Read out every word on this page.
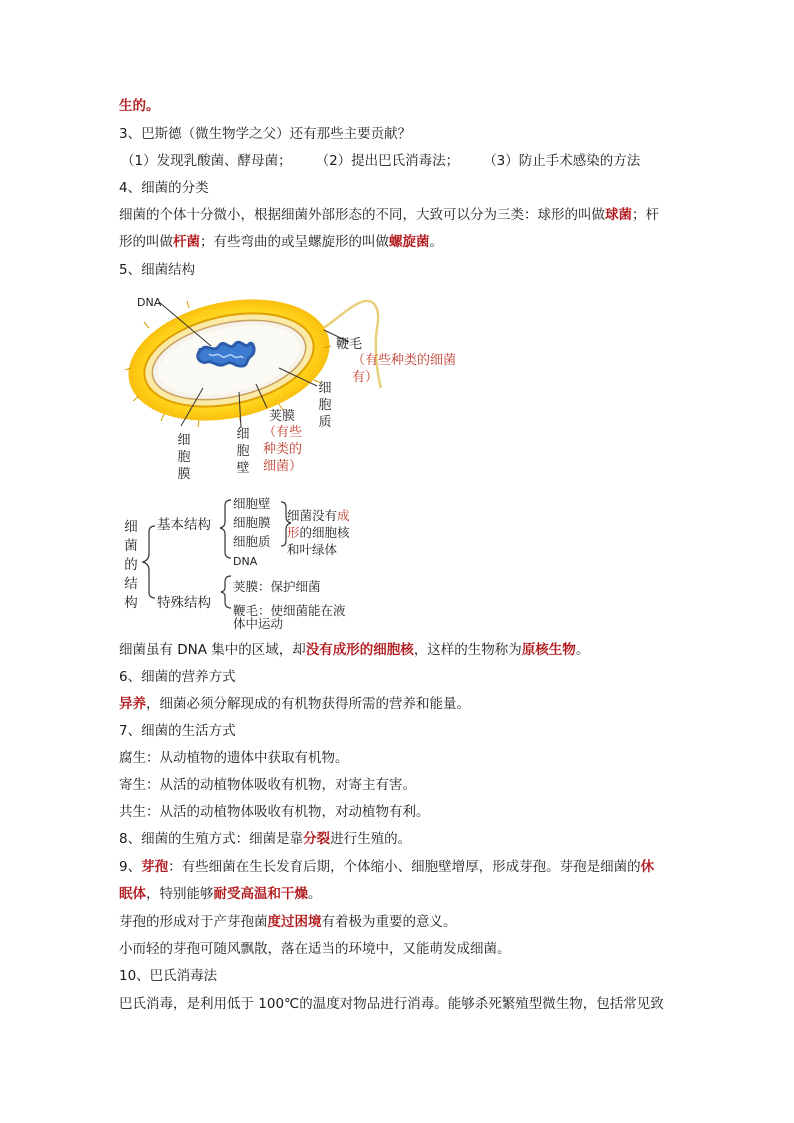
生的。
3、巴斯德（微生物学之父）还有那些主要贡献？
（1）发现乳酸菌、酵母菌； （2）提出巴氏消毒法； （3）防止手术感染的方法
4、细菌的分类
细菌的个体十分微小，根据细菌外部形态的不同，大致可以分为三类：球形的叫做球菌；杆
形的叫做杆菌；有些弯曲的或呈螺旋形的叫做螺旋菌。
5、细菌结构
DNA
鞭毛
（有些种类的细菌有）
细胞质
荚膜
（有些种类的细菌）
细胞壁
细胞膜
细菌的结构
基本结构
细胞壁
细胞膜
细胞质
DNA
细菌没有成
形的细胞核
和叶绿体
特殊结构
荚膜：保护细菌
鞭毛：使细菌能在液
体中运动
细菌虽有 DNA 集中的区域，却没有成形的细胞核，这样的生物称为原核生物。
6、细菌的营养方式
异养，细菌必须分解现成的有机物获得所需的营养和能量。
7、细菌的生活方式
腐生：从动植物的遗体中获取有机物。
寄生：从活的动植物体吸收有机物，对寄主有害。
共生：从活的动植物体吸收有机物，对动植物有利。
8、细菌的生殖方式：细菌是靠分裂进行生殖的。
9、芽孢：有些细菌在生长发育后期，个体缩小、细胞壁增厚，形成芽孢。芽孢是细菌的休
眠体，特别能够耐受高温和干燥。
芽孢的形成对于产芽孢菌度过困境有着极为重要的意义。
小而轻的芽孢可随风飘散，落在适当的环境中，又能萌发成细菌。
10、巴氏消毒法
巴氏消毒，是利用低于 100℃的温度对物品进行消毒。能够杀死繁殖型微生物，包括常见致
